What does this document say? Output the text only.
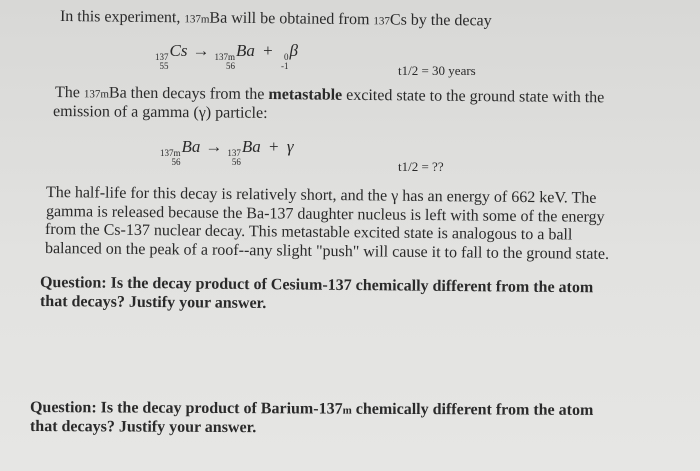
In this experiment, 137mBa will be obtained from 137Cs by the decay
137
55
Cs → 137m
56
Ba +	0
-1
β
t1/2 = 30 years
The 137mBa then decays from the metastable excited state to the ground state with the
emission of a gamma (γ) particle:
137m
56
Ba → 137
56
Ba + γ
t1/2 = ??
The half-life for this decay is relatively short, and the γ has an energy of 662 keV. The
gamma is released because the Ba-137 daughter nucleus is left with some of the energy
from the Cs-137 nuclear decay. This metastable excited state is analogous to a ball
balanced on the peak of a roof--any slight "push" will cause it to fall to the ground state.
Question: Is the decay product of Cesium-137 chemically different from the atom
that decays? Justify your answer.
Question: Is the decay product of Barium-137m chemically different from the atom
that decays? Justify your answer.
